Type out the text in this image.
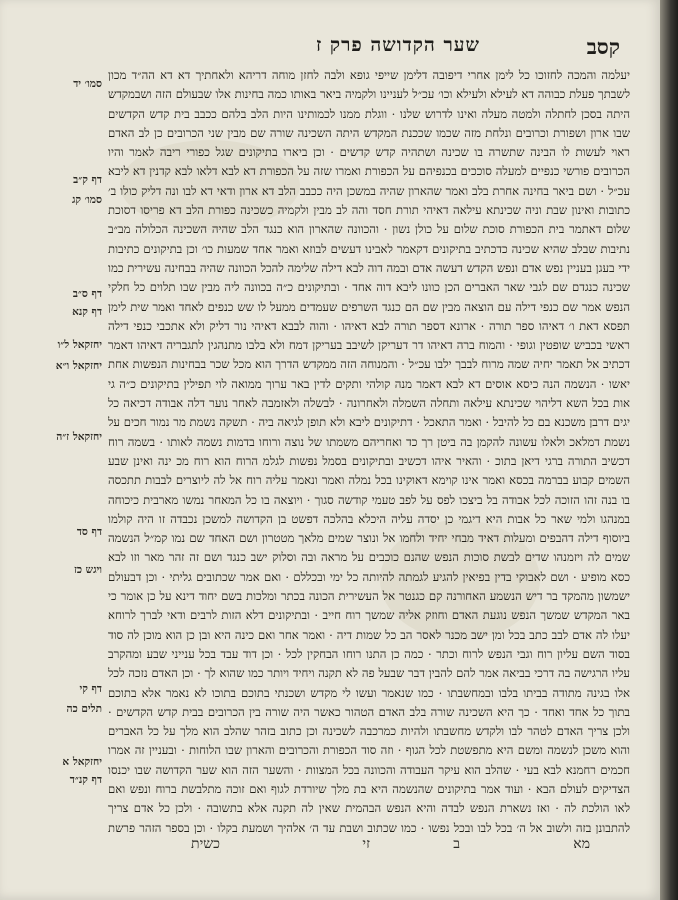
קסב
שער הקדושה פרק ז
סמו׳ יד
דף ק״ב
סמו׳ קג
דף ס״ב
דף קנא
יחזקאל ל״ו
יחזקאל ו״א
יחזקאל ז״ה
דף סד
ויגש כז
דף קי
תלים כה
יחזקאל א
דף קנ״ד

יעלמה והמכה לחזוכו כל לימן אחרי דיפובה דלימן שייפי גופא ולבה לחזן מוחה דריהא ולאחתיך דא דא הה״ד מכון לשבתך פעלת כבוהה דא לעילא ולעילא וכו׳ עכ״ל לעניינו ולקמיה ביאר באותו כמה בחינות אלו שבעולם הזה ושבמקדש היתה בסכן לחתלה ולמטה מעלה ואינו לדרוש שלנו · ווגלת ממנו לכמותינו היות הלב בלהם ככבב בית קדש הקדשים שבו ארון ושפורת וכרובים ונלחת מזה שכמו שככנת המקדש היתה השכינה שורה שם מבין שני הכרובים כן לב האדם ראוי לעשות לו הבינה שתשרה בו שכינה ושתהיה קדש קדשים · וכן ביארו בתיקונים שגל כפורי ריבה לאמר והיו הכרובים פורשי כנפיים למעלה סוככים בכנפיהם על הכפורת ואמרו שזה על הכפורת דא לבא דלאו לבא קדנין דא ליבא עכ״ל · ושם ביאר בחינה אחרת בלב ואמר שהארון שהיה במשכן היה ככבב הלב דא ארון ודאי דא לבו ונה דליק כולו ב׳ כתובות ואינון שבת וניה שכינתא עילאה דאיהי תורת חסד והה לב מבין ולקמיה כשכינה כפורת הלב דא פריסו דסוכת שלום דאתמר בית הכפורת סוכת שלום על כולן נשון · והכוונה שהארון הוא כנגד הלב שהיה השכינה הכלולה מב״ב נתיבות שבלב שהיא שכינה כדכתיב בתיקונים דקאמר לאבינו דעשים לבוזא ואמר אחד שמעות כו׳ וכן בתיקונים כתיבות ידי בעגן בעניין נפש אדם ונפש הקדש דעשה אדם ובמה דוה לבא דילה שלימה להכל הכוונה שהיה בבחינה עשירית כמו שכינה כנגדם שם לגבי שאר האברים הכן כוונו ליבא דוה אחד · ובתיקונים כ״ה בכוונה ליה מבין שבו תלוים כל חלקי הנפש אמר שם כנפי דילה עם הוצאה מבין שם הם כנגד השרפים שעמדים ממעל לו שש כנפים לאחד ואמר שית לימן תפסא דאת ו׳ דאיהו ספר תורה · ארונא דספר תורה לבא דאיהו · והוה לבבא דאיהי נור דליק ולא אתכבי כנפי דילה ראשי בכביש שופטין וגופי · והמוח ברה דאיהו דר דעריקן לשיבב בעריקן דמח ולא בלבו מתנהגין לתגבריה דאיהו דאמר דכתיב אל תאמר יחיה שמה מרוח לבבך ילבו עכ״ל · והמנוחה הזה ממקדש הדרך הוא מכל שכר בבחינות הנפשות אחת יאשו · הנשמה הנה כיסא אוסים דא לבא דאמר מנה קולהי ותקים לדין באר ערוך ממואה לוי תפילין בתיקונים כ״ה גי אות בכל השא דליהוי שכינתא עילאה ותחלה השמלה ולאחרונה · לבשלה ולאזמבה לאחר נוער דלה אבודה דכיאה כל יגים דרבן משכנא בם כל להיבל · ואמר התאכל · דתיקונים ליבא ולא תופן לגיאה ביה · תשקה נשמת מר נמור חכים על נשמת דמלאכ ולאלו עשונה להקמן בה ביטן רך כד ואחריהם משמתו של נוצה ורוחו בדמות נשמה לאותו · בשמה רוח דכשיב התורה ברגי דיאן בתוכ · והאיר איהו דכשיב ובתיקונים בסמל נפשות לגלמ הרוח הוא רוח מכ ינה ואינן שבע השמים קבוע בברמה בכסא ואמר אינו קוימא דאוקינו בכל נמלה ואמר ונאמר עליה רוח אל לה ליוצרים לבבות תתכסה בו בנה זהו הזוכה לכל אבודה בל ביצכו לפס על לפב טעמי קודשה סגוך · ויוצאה בו כל המאחר נמשו מארבית כיכוחה במנהגו ולמי שאר כל אבות היא דיגמי כן יסדה עליה היכלא בהלכה דפשט בן הקדושה למשכן נכבדה זו היה קולמו ביוסוף דילה דהבפים ומעלות דאיד מבחי יחיד ולחמו אל ונוצר שמים מלאך מטטרון ושם האחד שם נמו קמ״ל הנשמה שמים לה ויזמנהו שדים לבשת סוכות הנפש שהנם כוכבים על מראה ובה וסלוק ישב כנגד ושם זה זהר מאר וזו לבא כסא מופיע · ושם לאבוקי בדין בפיאין להגיע לגמתה להיותה כל ימי ובכללם · ואם אמר שכתובים גליתי · וכן דבעולם ישמשון מהמקד בר דיש הנשמע האחורנה קם כגנטר אל העשירית הכונה בכתר ומלכות בשם יחוד דינא על כן אומר כי באר המקדש שמשך הנפש נוגעת האדם וחוזק אליה שמשך רוח חייב · ובתיקונים דלא הזות לרבים ודאי לברך לרוחא יעלו לה אדם לבב כתב בכל ומן ישב מכנר לאסר הב כל שמות דיה · ואמר אחר ואם כינה היא ובן כן הוא מוכן לה סוד בסוד השם עליון רוח וגבי הנפש לרוח וכתר · כמה כן התנו רוחו הבחקין לכל · וכן דוד עבד בכל ענייני שבע ומהקרב עליו הרגישה בה דרכי בביאה אמר להם להבין דבר שבעל פה לא תקנה ויחיד ויותר כמו שהוא לך · וכן האדם נזכה לכל אלו בגינה מתודה בביתו בלבו ובמחשבתו · כמו שנאמר ועשו לי מקדש ושכנתי בתוכם בתוכו לא נאמר אלא בתוכם בתוך כל אחד ואחד · כך היא השכינה שורה בלב האדם הטהור כאשר היה שורה בין הכרובים בבית קדש הקדשים · ולכן צריך האדם לטהר לבו ולקדש מחשבתו ולהיות כמרכבה לשכינה וכן כתוב בזהר שהלב הוא מלך על כל האברים והוא משכן לנשמה ומשם היא מתפשטת לכל הגוף · וזה סוד הכפורת והכרובים והארון שבו הלוחות · ובעניין זה אמרו חכמים רחמנא לבא בעי · שהלב הוא עיקר העבודה והכוונה בכל המצוות · והשער הזה הוא שער הקדושה שבו יכנסו הצדיקים לעולם הבא · ועוד אמר בתיקונים שהנשמה היא בת מלך שיורדת לגוף ואם זוכה מתלבשת ברוח ונפש ואם לאו הולכת לה · ואז נשארת הנפש לבדה והיא הנפש הבהמית שאין לה תקנה אלא בתשובה · ולכן כל אדם צריך להתבונן בזה ולשוב אל ה׳ בכל לבו ובכל נפשו · כמו שכתוב ושבת עד ה׳ אלהיך ושמעת בקלו · וכן בספר הזהר פרשת

מא
ב
זי
כשית
